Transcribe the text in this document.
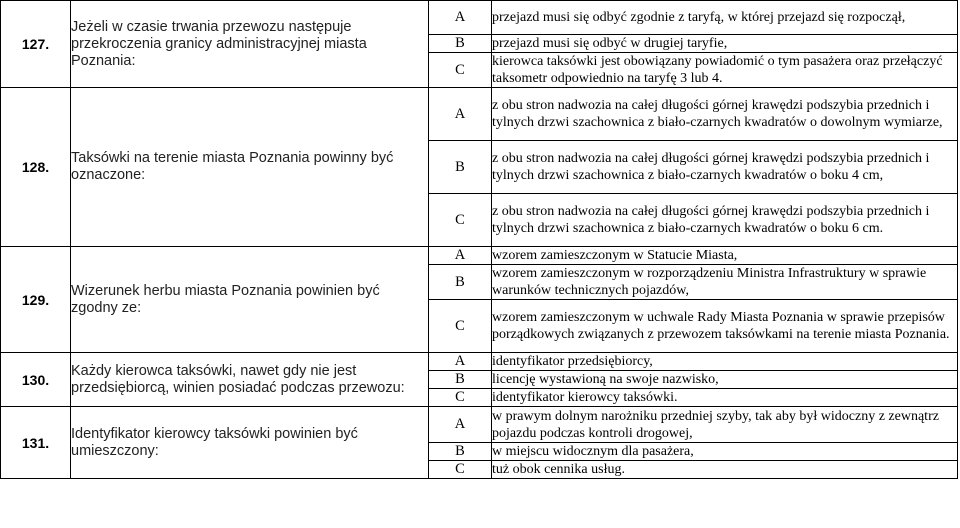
127.	Jeżeli w czasie trwania przewozu następuje przekroczenia granicy administracyjnej miasta Poznania:	A	przejazd musi się odbyć zgodnie z taryfą, w której przejazd się rozpoczął,
		B	przejazd musi się odbyć w drugiej taryfie,
		C	kierowca taksówki jest obowiązany powiadomić o tym pasażera oraz przełączyć taksometr odpowiednio na taryfę 3 lub 4.
128.	Taksówki na terenie miasta Poznania powinny być oznaczone:	A	z obu stron nadwozia na całej długości górnej krawędzi podszybia przednich i tylnych drzwi szachownica z biało-czarnych kwadratów o dowolnym wymiarze,
		B	z obu stron nadwozia na całej długości górnej krawędzi podszybia przednich i tylnych drzwi szachownica z biało-czarnych kwadratów o boku 4 cm,
		C	z obu stron nadwozia na całej długości górnej krawędzi podszybia przednich i tylnych drzwi szachownica z biało-czarnych kwadratów o boku 6 cm.
129.	Wizerunek herbu miasta Poznania powinien być zgodny ze:	A	wzorem zamieszczonym w Statucie Miasta,
		B	wzorem zamieszczonym w rozporządzeniu Ministra Infrastruktury w sprawie warunków technicznych pojazdów,
		C	wzorem zamieszczonym w uchwale Rady Miasta Poznania w sprawie przepisów porządkowych związanych z przewozem taksówkami na terenie miasta Poznania.
130.	Każdy kierowca taksówki, nawet gdy nie jest przedsiębiorcą, winien posiadać podczas przewozu:	A	identyfikator przedsiębiorcy,
		B	licencję wystawioną na swoje nazwisko,
		C	identyfikator kierowcy taksówki.
131.	Identyfikator kierowcy taksówki powinien być umieszczony:	A	w prawym dolnym narożniku przedniej szyby, tak aby był widoczny z zewnątrz pojazdu podczas kontroli drogowej,
		B	w miejscu widocznym dla pasażera,
		C	tuż obok cennika usług.
